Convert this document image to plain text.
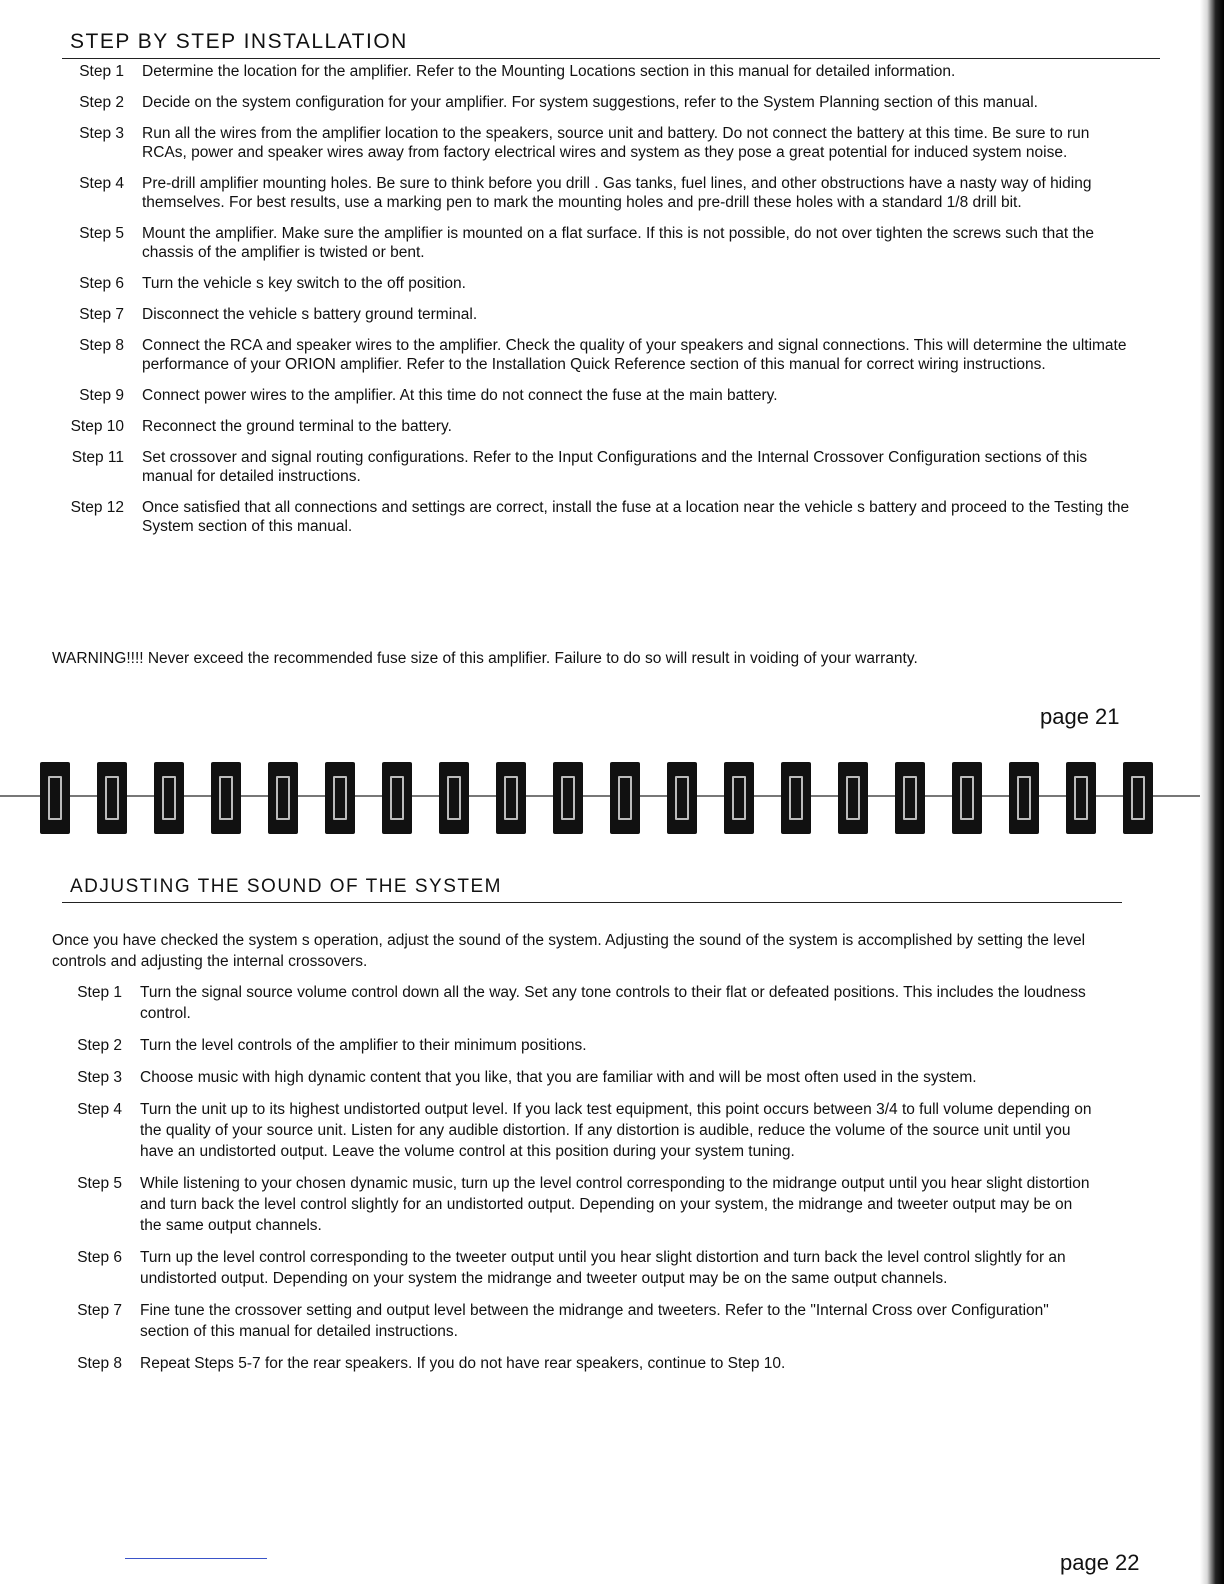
STEP BY STEP INSTALLATION
Step 1	Determine the location for the amplifier. Refer to the Mounting Locations section in this manual for detailed information.
Step 2	Decide on the system configuration for your amplifier. For system suggestions, refer to the System Planning section of this manual.
Step 3	Run all the wires from the amplifier location to the speakers, source unit and battery. Do not connect the battery at this time. Be sure to run RCAs, power and speaker wires away from factory electrical wires and system as they pose a great potential for induced system noise.
Step 4	Pre-drill amplifier mounting holes. Be sure to think before you drill . Gas tanks, fuel lines, and other obstructions have a nasty way of hiding themselves. For best results, use a marking pen to mark the mounting holes and pre-drill these holes with a standard 1/8 drill bit.
Step 5	Mount the amplifier. Make sure the amplifier is mounted on a flat surface. If this is not possible, do not over tighten the screws such that the chassis of the amplifier is twisted or bent.
Step 6	Turn the vehicle s key switch to the off position.
Step 7	Disconnect the vehicle s battery ground terminal.
Step 8	Connect the RCA and speaker wires to the amplifier. Check the quality of your speakers and signal connections. This will determine the ultimate performance of your ORION amplifier. Refer to the Installation Quick Reference section of this manual for correct wiring instructions.
Step 9	Connect power wires to the amplifier. At this time do not connect the fuse at the main battery.
Step 10	Reconnect the ground terminal to the battery.
Step 11	Set crossover and signal routing configurations. Refer to the Input Configurations and the Internal Crossover Configuration sections of this manual for detailed instructions.
Step 12	Once satisfied that all connections and settings are correct, install the fuse at a location near the vehicle s battery and proceed to the Testing the System section of this manual.
WARNING!!!! Never exceed the recommended fuse size of this amplifier. Failure to do so will result in voiding of your warranty.
page 21
ADJUSTING THE SOUND OF THE SYSTEM

Once you have checked the system s operation, adjust the sound of the system. Adjusting the sound of the system is accomplished by setting the level controls and adjusting the internal crossovers.

Step 1	Turn the signal source volume control down all the way. Set any tone controls to their flat or defeated positions. This includes the loudness control.
Step 2	Turn the level controls of the amplifier to their minimum positions.
Step 3	Choose music with high dynamic content that you like, that you are familiar with and will be most often used in the system.
Step 4	Turn the unit up to its highest undistorted output level. If you lack test equipment, this point occurs between 3/4 to full volume depending on the quality of your source unit. Listen for any audible distortion. If any distortion is audible, reduce the volume of the source unit until you have an undistorted output. Leave the volume control at this position during your system tuning.
Step 5	While listening to your chosen dynamic music, turn up the level control corresponding to the midrange output until you hear slight distortion and turn back the level control slightly for an undistorted output. Depending on your system, the midrange and tweeter output may be on the same output channels.
Step 6	Turn up the level control corresponding to the tweeter output until you hear slight distortion and turn back the level control slightly for an undistorted output. Depending on your system the midrange and tweeter output may be on the same output channels.
Step 7	Fine tune the crossover setting and output level between the midrange and tweeters. Refer to the "Internal Cross over Configuration" section of this manual for detailed instructions.
Step 8	Repeat Steps 5-7 for the rear speakers. If you do not have rear speakers, continue to Step 10.
page 22
